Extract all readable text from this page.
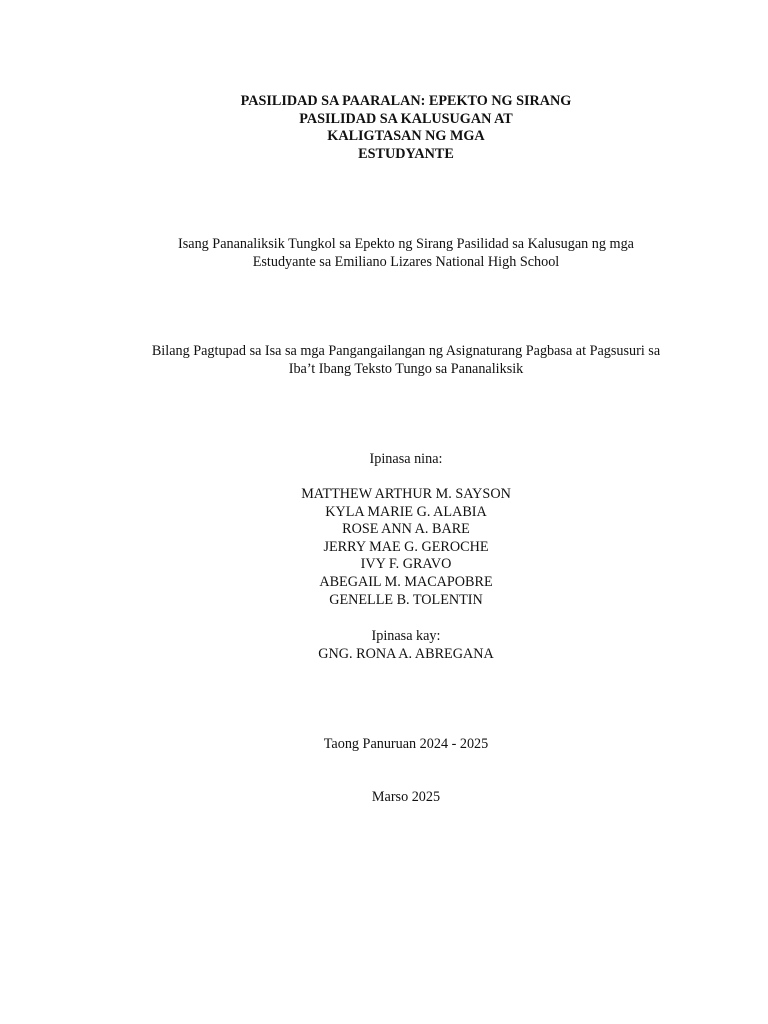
PASILIDAD SA PAARALAN: EPEKTO NG SIRANG
PASILIDAD SA KALUSUGAN AT
KALIGTASAN NG MGA
ESTUDYANTE
Isang Pananaliksik Tungkol sa Epekto ng Sirang Pasilidad sa Kalusugan ng mga
Estudyante sa Emiliano Lizares National High School
Bilang Pagtupad sa Isa sa mga Pangangailangan ng Asignaturang Pagbasa at Pagsusuri sa
Iba’t Ibang Teksto Tungo sa Pananaliksik
Ipinasa nina:
MATTHEW ARTHUR M. SAYSON
KYLA MARIE G. ALABIA
ROSE ANN A. BARE
JERRY MAE G. GEROCHE
IVY F. GRAVO
ABEGAIL M. MACAPOBRE
GENELLE B. TOLENTIN
Ipinasa kay:
GNG. RONA A. ABREGANA
Taong Panuruan 2024 - 2025
Marso 2025
